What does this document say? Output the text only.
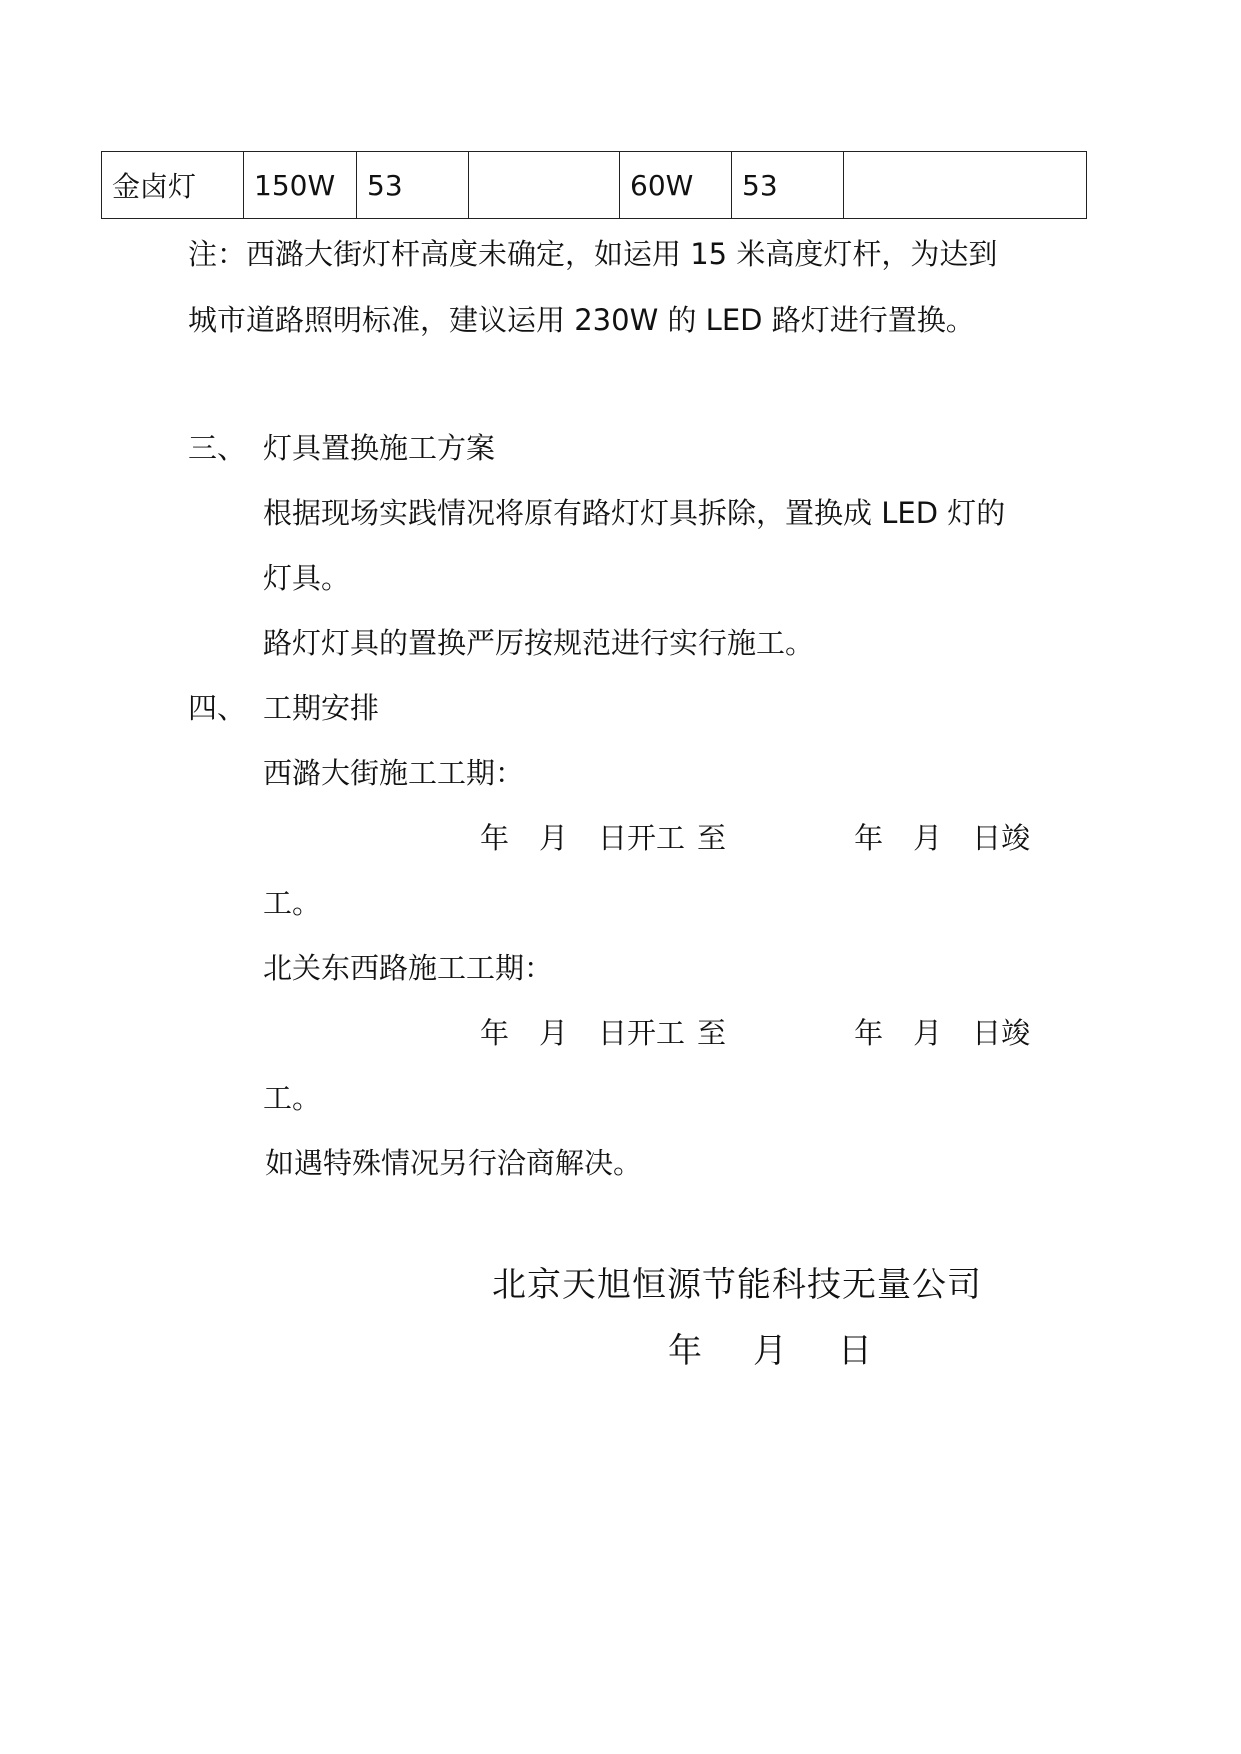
金卤灯	150W	53		60W	53	
注：西潞大街灯杆高度未确定，如运用 15 米高度灯杆，为达到
城市道路照明标准，建议运用 230W 的 LED 路灯进行置换。
三、 灯具置换施工方案
根据现场实践情况将原有路灯灯具拆除，置换成 LED 灯的
灯具。
路灯灯具的置换严厉按规范进行实行施工。
四、 工期安排
西潞大街施工工期：
年 月 日开工 至	年 月 日竣
工。
北关东西路施工工期：
年 月 日开工 至	年 月 日竣
工。
如遇特殊情况另行洽商解决。
北京天旭恒源节能科技无量公司
年 月 日
